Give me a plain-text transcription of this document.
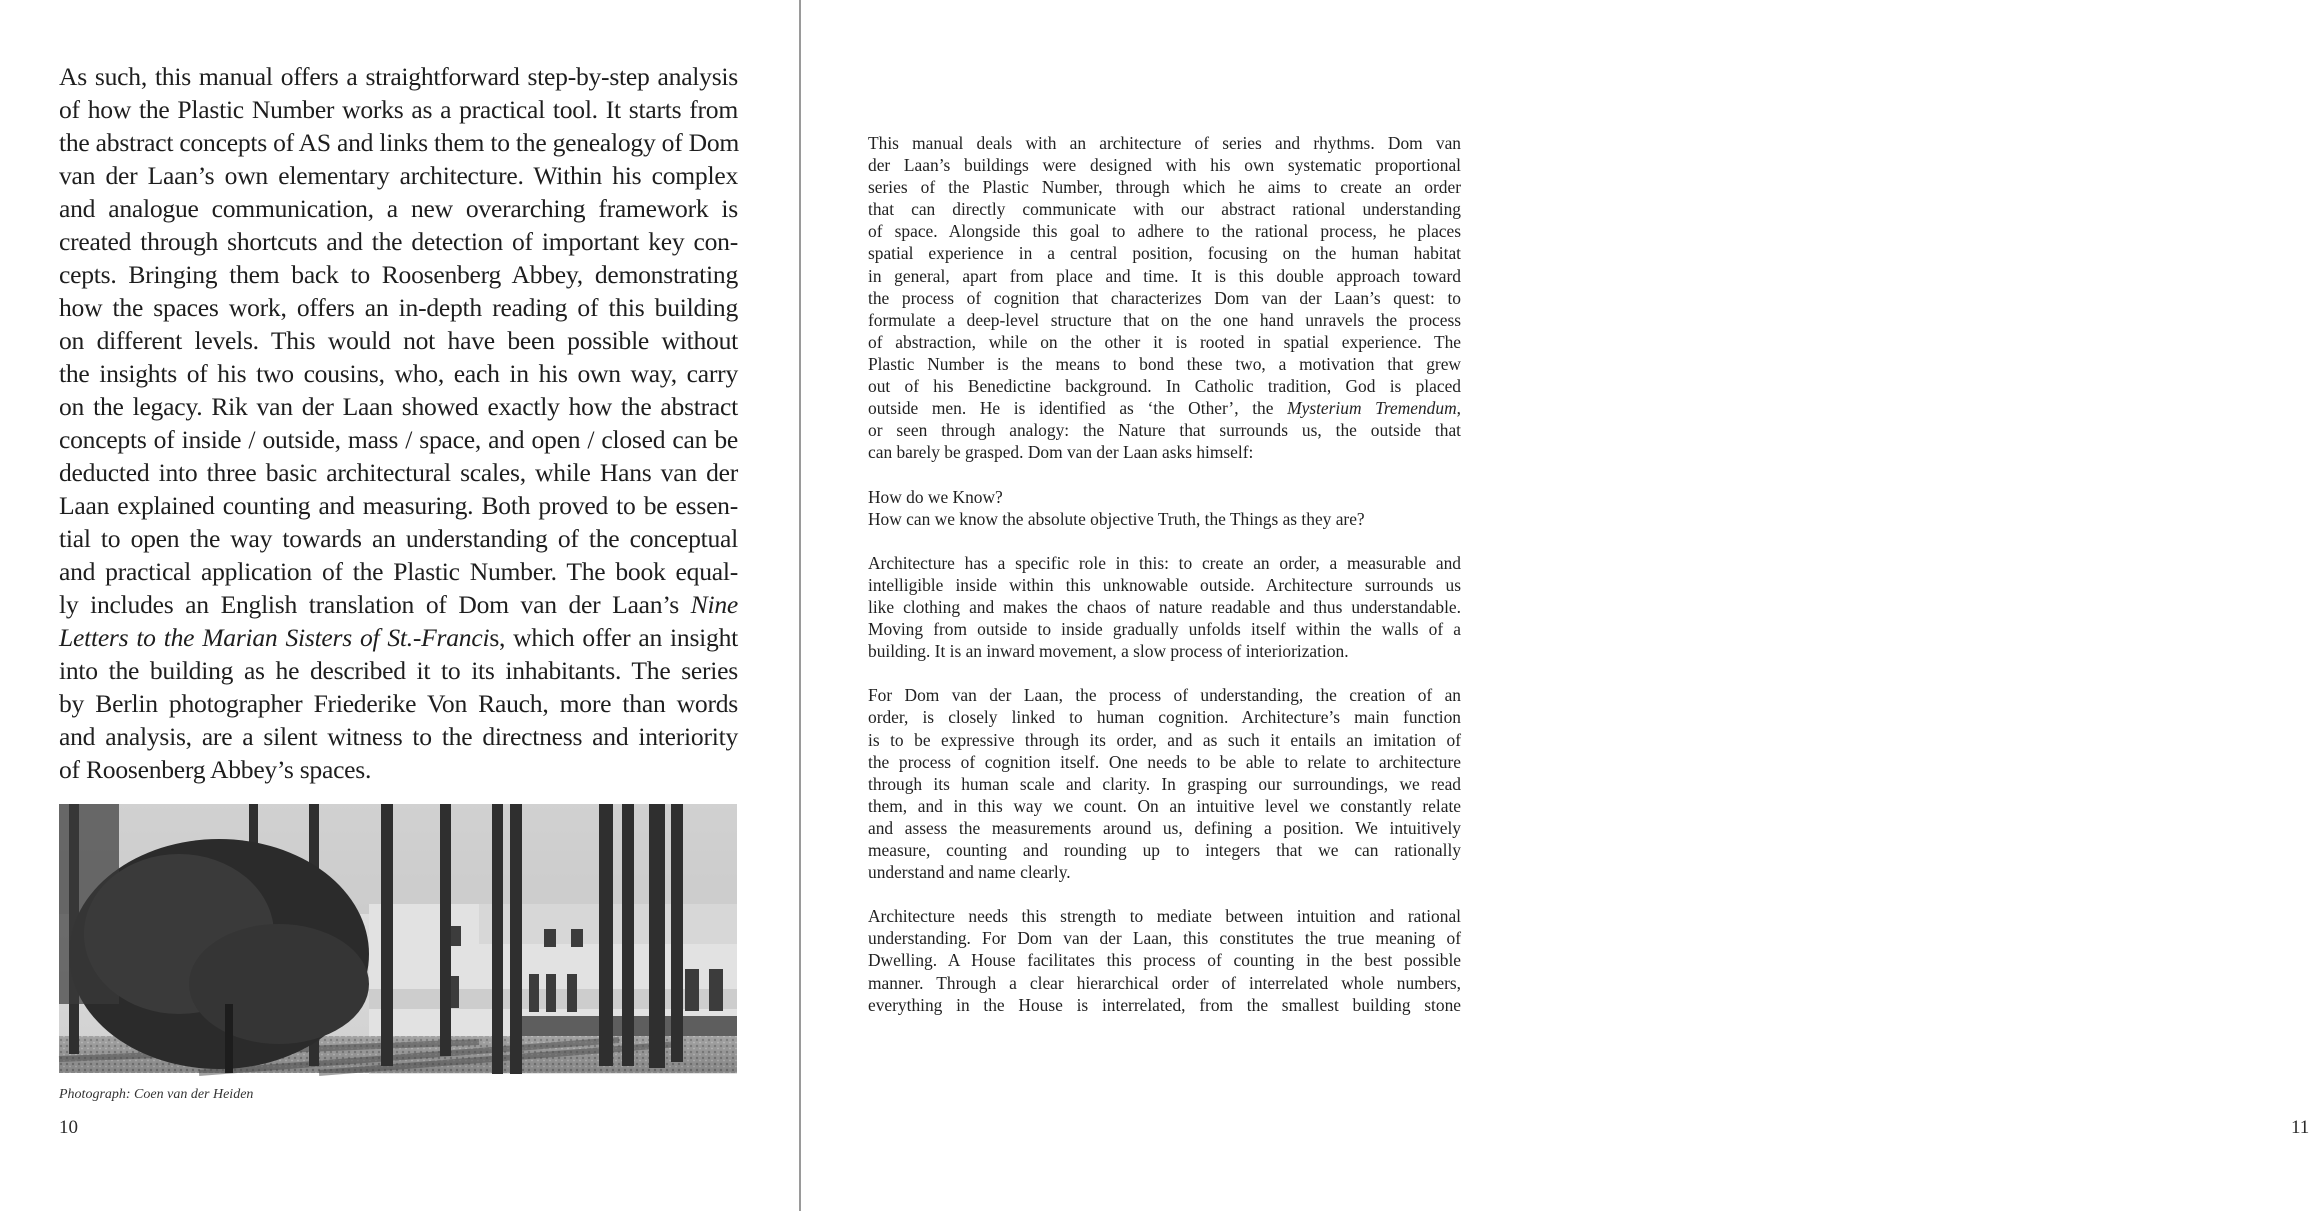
As such, this manual offers a straightforward step-by-step analysis
of how the Plastic Number works as a practical tool. It starts from
the abstract concepts of AS and links them to the genealogy of Dom
van der Laan’s own elementary architecture. Within his complex
and analogue communication, a new overarching framework is
created through shortcuts and the detection of important key con-
cepts. Bringing them back to Roosenberg Abbey, demonstrating
how the spaces work, offers an in-depth reading of this building
on different levels. This would not have been possible without
the insights of his two cousins, who, each in his own way, carry
on the legacy. Rik van der Laan showed exactly how the abstract
concepts of inside / outside, mass / space, and open / closed can be
deducted into three basic architectural scales, while Hans van der
Laan explained counting and measuring. Both proved to be essen-
tial to open the way towards an understanding of the conceptual
and practical application of the Plastic Number. The book equal-
ly includes an English translation of Dom van der Laan’s Nine
Letters to the Marian Sisters of St.-Francis, which offer an insight
into the building as he described it to its inhabitants. The series
by Berlin photographer Friederike Von Rauch, more than words
and analysis, are a silent witness to the directness and interiority
of Roosenberg Abbey’s spaces.
Photograph: Coen van der Heiden
10
This manual deals with an architecture of series and rhythms. Dom van
der Laan’s buildings were designed with his own systematic proportional
series of the Plastic Number, through which he aims to create an order
that can directly communicate with our abstract rational understanding
of space. Alongside this goal to adhere to the rational process, he places
spatial experience in a central position, focusing on the human habitat
in general, apart from place and time. It is this double approach toward
the process of cognition that characterizes Dom van der Laan’s quest: to
formulate a deep-level structure that on the one hand unravels the process
of abstraction, while on the other it is rooted in spatial experience. The
Plastic Number is the means to bond these two, a motivation that grew
out of his Benedictine background. In Catholic tradition, God is placed
outside men. He is identified as ‘the Other’, the Mysterium Tremendum,
or seen through analogy: the Nature that surrounds us, the outside that
can barely be grasped. Dom van der Laan asks himself:
How do we Know?
How can we know the absolute objective Truth, the Things as they are?
Architecture has a specific role in this: to create an order, a measurable and
intelligible inside within this unknowable outside. Architecture surrounds us
like clothing and makes the chaos of nature readable and thus understandable.
Moving from outside to inside gradually unfolds itself within the walls of a
building. It is an inward movement, a slow process of interiorization.
For Dom van der Laan, the process of understanding, the creation of an
order, is closely linked to human cognition. Architecture’s main function
is to be expressive through its order, and as such it entails an imitation of
the process of cognition itself. One needs to be able to relate to architecture
through its human scale and clarity. In grasping our surroundings, we read
them, and in this way we count. On an intuitive level we constantly relate
and assess the measurements around us, defining a position. We intuitively
measure, counting and rounding up to integers that we can rationally
understand and name clearly.
Architecture needs this strength to mediate between intuition and rational
understanding. For Dom van der Laan, this constitutes the true meaning of
Dwelling. A House facilitates this process of counting in the best possible
manner. Through a clear hierarchical order of interrelated whole numbers,
everything in the House is interrelated, from the smallest building stone
11
